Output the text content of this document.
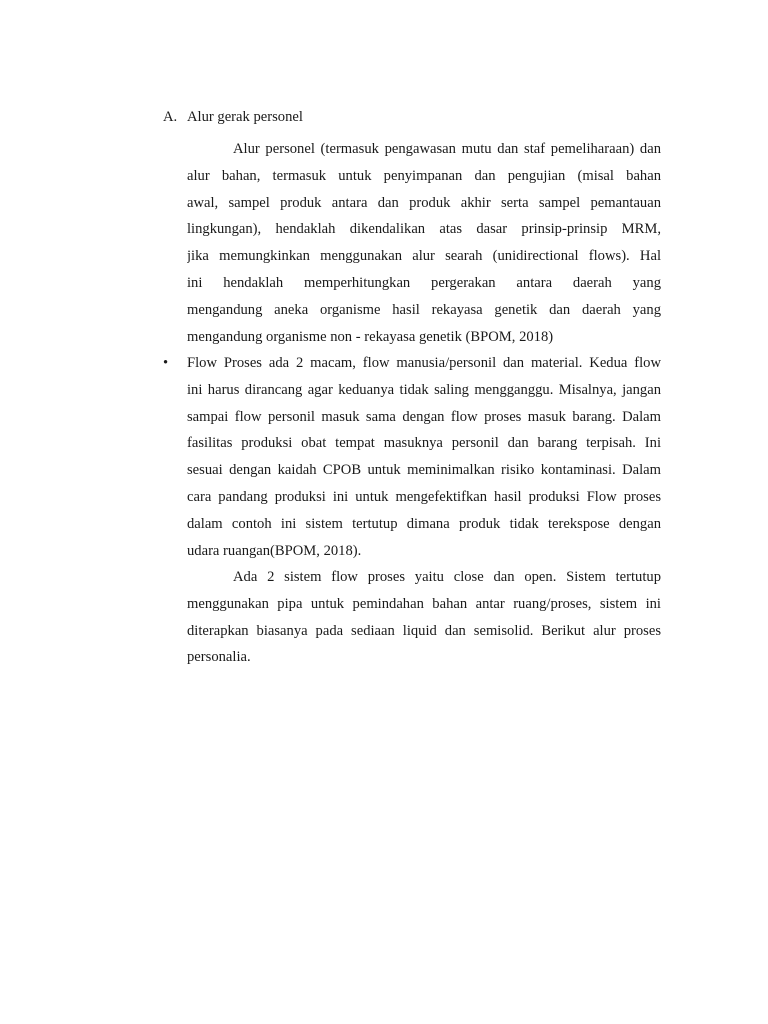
A. Alur gerak personel
Alur personel (termasuk pengawasan mutu dan staf pemeliharaan) dan
alur bahan, termasuk untuk penyimpanan dan pengujian (misal bahan
awal, sampel produk antara dan produk akhir serta sampel pemantauan
lingkungan), hendaklah dikendalikan atas dasar prinsip-prinsip MRM,
jika memungkinkan menggunakan alur searah (unidirectional flows). Hal
ini hendaklah memperhitungkan pergerakan antara daerah yang
mengandung aneka organisme hasil rekayasa genetik dan daerah yang
mengandung organisme non - rekayasa genetik (BPOM, 2018)
• Flow Proses ada 2 macam, flow manusia/personil dan material. Kedua flow
ini harus dirancang agar keduanya tidak saling mengganggu. Misalnya, jangan
sampai flow personil masuk sama dengan flow proses masuk barang. Dalam
fasilitas produksi obat tempat masuknya personil dan barang terpisah. Ini
sesuai dengan kaidah CPOB untuk meminimalkan risiko kontaminasi. Dalam
cara pandang produksi ini untuk mengefektifkan hasil produksi Flow proses
dalam contoh ini sistem tertutup dimana produk tidak terekspose dengan
udara ruangan(BPOM, 2018).
Ada 2 sistem flow proses yaitu close dan open. Sistem tertutup
menggunakan pipa untuk pemindahan bahan antar ruang/proses, sistem ini
diterapkan biasanya pada sediaan liquid dan semisolid. Berikut alur proses
personalia.
